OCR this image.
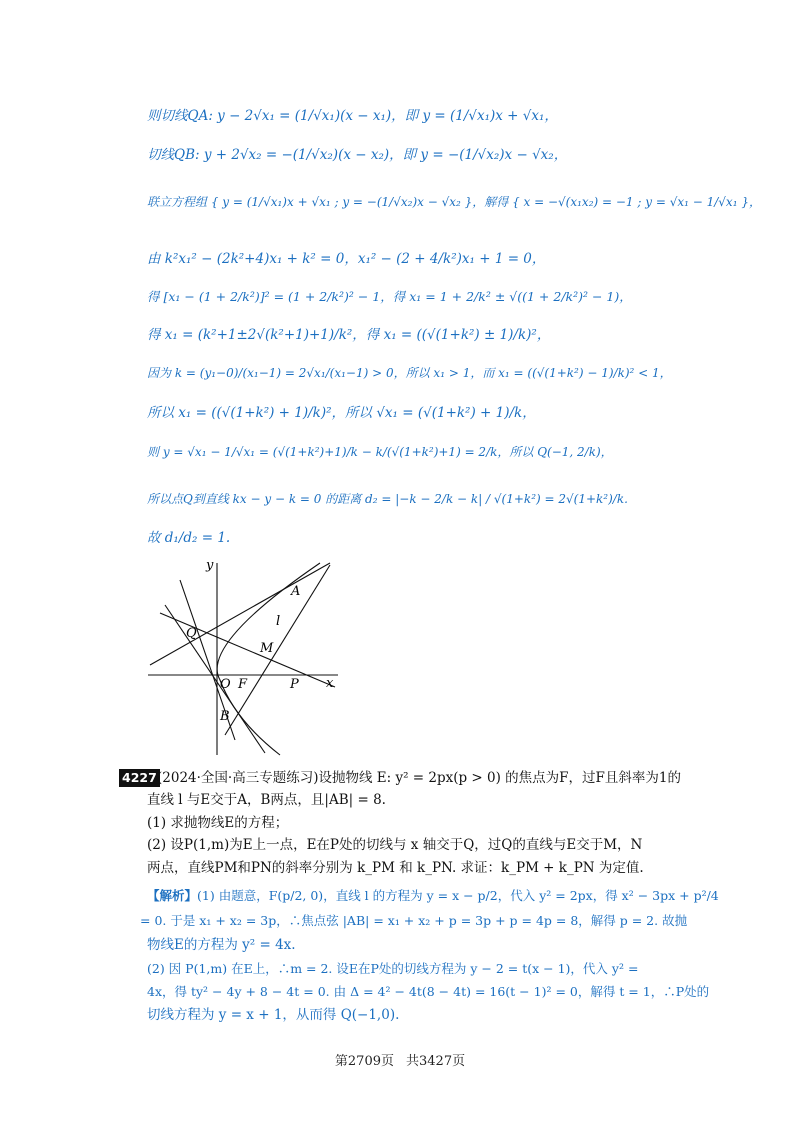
则切线QA: y − 2√x₁ = (1/√x₁)(x − x₁)，即 y = (1/√x₁)x + √x₁，
切线QB: y + 2√x₂ = −(1/√x₂)(x − x₂)，即 y = −(1/√x₂)x − √x₂，
联立方程组 { y = (1/√x₁)x + √x₁ ; y = −(1/√x₂)x − √x₂ }，解得 { x = −√(x₁x₂) = −1 ; y = √x₁ − 1/√x₁ }，
由 k²x₁² − (2k²+4)x₁ + k² = 0，x₁² − (2 + 4/k²)x₁ + 1 = 0，
得 [x₁ − (1 + 2/k²)]² = (1 + 2/k²)² − 1，得 x₁ = 1 + 2/k² ± √((1 + 2/k²)² − 1)，
得 x₁ = (k²+1±2√(k²+1)+1)/k²，得 x₁ = ((√(1+k²) ± 1)/k)²，
因为 k = (y₁−0)/(x₁−1) = 2√x₁/(x₁−1) > 0，所以 x₁ > 1，而 x₁ = ((√(1+k²) − 1)/k)² < 1，
所以 x₁ = ((√(1+k²) + 1)/k)²，所以 √x₁ = (√(1+k²) + 1)/k，
则 y = √x₁ − 1/√x₁ = (√(1+k²)+1)/k − k/(√(1+k²)+1) = 2/k，所以 Q(−1, 2/k)，
所以点Q到直线 kx − y − k = 0 的距离 d₂ = |−k − 2/k − k| / √(1+k²) = 2√(1+k²)/k.
故 d₁/d₂ = 1.
y
x
A
l
Q
M
O F	P
B
4227 (2024·全国·高三专题练习)设抛物线 E: y² = 2px(p > 0) 的焦点为F，过F且斜率为1的
直线 l 与E交于A，B两点，且|AB| = 8.
(1) 求抛物线E的方程；
(2) 设P(1,m)为E上一点，E在P处的切线与 x 轴交于Q，过Q的直线与E交于M，N
两点，直线PM和PN的斜率分别为 k_PM 和 k_PN. 求证：k_PM + k_PN 为定值.
【解析】(1) 由题意，F(p/2, 0)，直线 l 的方程为 y = x − p/2，代入 y² = 2px，得 x² − 3px + p²/4
= 0. 于是 x₁ + x₂ = 3p，∴焦点弦 |AB| = x₁ + x₂ + p = 3p + p = 4p = 8，解得 p = 2. 故抛
物线E的方程为 y² = 4x.
(2) 因 P(1,m) 在E上，∴m = 2. 设E在P处的切线方程为 y − 2 = t(x − 1)，代入 y² =
4x，得 ty² − 4y + 8 − 4t = 0. 由 Δ = 4² − 4t(8 − 4t) = 16(t − 1)² = 0，解得 t = 1，∴P处的
切线方程为 y = x + 1，从而得 Q(−1,0).
第2709页 共3427页
